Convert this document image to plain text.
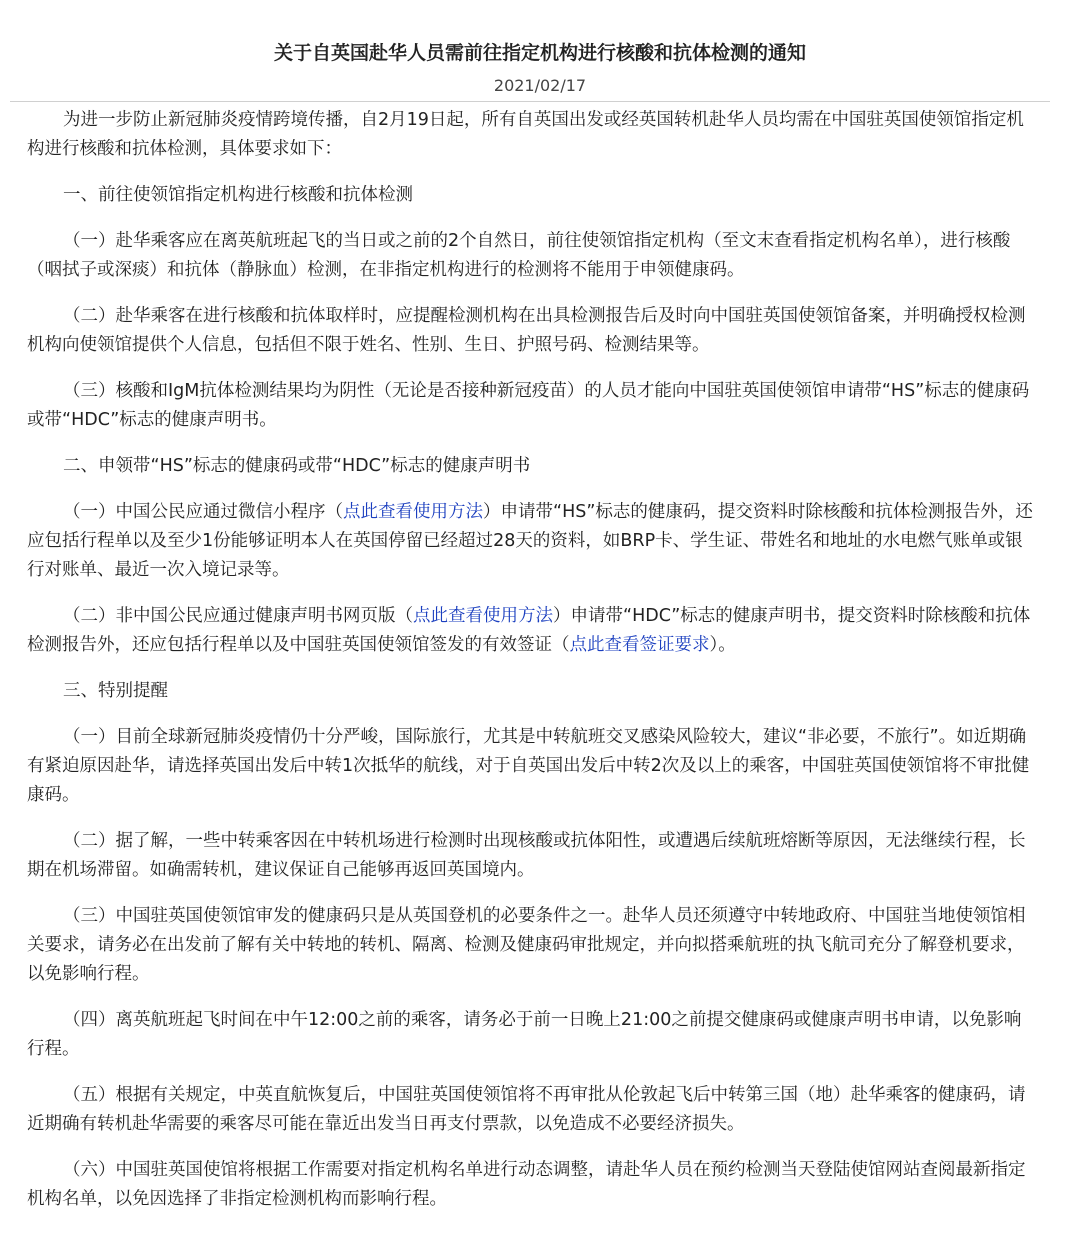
关于自英国赴华人员需前往指定机构进行核酸和抗体检测的通知
2021/02/17

为进一步防止新冠肺炎疫情跨境传播，自2月19日起，所有自英国出发或经英国转机赴华人员均需在中国驻英国使领馆指定机构进行核酸和抗体检测，具体要求如下：

一、前往使领馆指定机构进行核酸和抗体检测

（一）赴华乘客应在离英航班起飞的当日或之前的2个自然日，前往使领馆指定机构（至文末查看指定机构名单），进行核酸（咽拭子或深痰）和抗体（静脉血）检测，在非指定机构进行的检测将不能用于申领健康码。

（二）赴华乘客在进行核酸和抗体取样时，应提醒检测机构在出具检测报告后及时向中国驻英国使领馆备案，并明确授权检测机构向使领馆提供个人信息，包括但不限于姓名、性别、生日、护照号码、检测结果等。

（三）核酸和IgM抗体检测结果均为阴性（无论是否接种新冠疫苗）的人员才能向中国驻英国使领馆申请带“HS”标志的健康码或带“HDC”标志的健康声明书。

二、申领带“HS”标志的健康码或带“HDC”标志的健康声明书

（一）中国公民应通过微信小程序（点此查看使用方法）申请带“HS”标志的健康码，提交资料时除核酸和抗体检测报告外，还应包括行程单以及至少1份能够证明本人在英国停留已经超过28天的资料，如BRP卡、学生证、带姓名和地址的水电燃气账单或银行对账单、最近一次入境记录等。

（二）非中国公民应通过健康声明书网页版（点此查看使用方法）申请带“HDC”标志的健康声明书，提交资料时除核酸和抗体检测报告外，还应包括行程单以及中国驻英国使领馆签发的有效签证（点此查看签证要求）。

三、特别提醒

（一）目前全球新冠肺炎疫情仍十分严峻，国际旅行，尤其是中转航班交叉感染风险较大，建议“非必要，不旅行”。如近期确有紧迫原因赴华，请选择英国出发后中转1次抵华的航线，对于自英国出发后中转2次及以上的乘客，中国驻英国使领馆将不审批健康码。

（二）据了解，一些中转乘客因在中转机场进行检测时出现核酸或抗体阳性，或遭遇后续航班熔断等原因，无法继续行程，长期在机场滞留。如确需转机，建议保证自己能够再返回英国境内。

（三）中国驻英国使领馆审发的健康码只是从英国登机的必要条件之一。赴华人员还须遵守中转地政府、中国驻当地使领馆相关要求，请务必在出发前了解有关中转地的转机、隔离、检测及健康码审批规定，并向拟搭乘航班的执飞航司充分了解登机要求，以免影响行程。

（四）离英航班起飞时间在中午12:00之前的乘客，请务必于前一日晚上21:00之前提交健康码或健康声明书申请，以免影响行程。

（五）根据有关规定，中英直航恢复后，中国驻英国使领馆将不再审批从伦敦起飞后中转第三国（地）赴华乘客的健康码，请近期确有转机赴华需要的乘客尽可能在靠近出发当日再支付票款，以免造成不必要经济损失。

（六）中国驻英国使馆将根据工作需要对指定机构名单进行动态调整，请赴华人员在预约检测当天登陆使馆网站查阅最新指定机构名单，以免因选择了非指定检测机构而影响行程。
